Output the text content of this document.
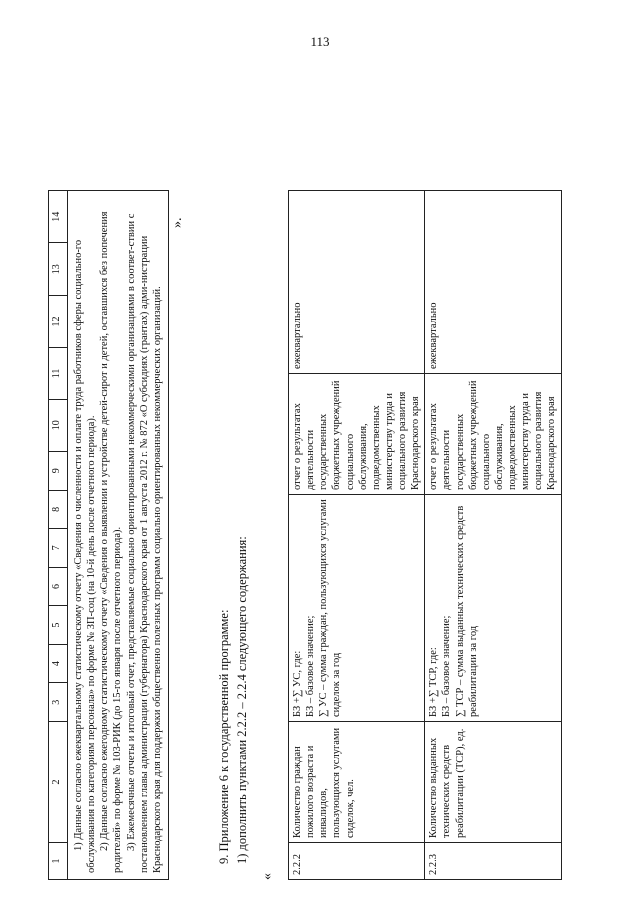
113
1	2	3	4	5	6	7	8	9	10	11	12	13	14

1) Данные согласно ежеквартальному статистическому отчету «Сведения о численности и оплате труда работников сферы социально-го обслуживания по категориям персонала» по форме № ЗП-соц (на 10-й день после отчетного периода). 2) Данные согласно ежегодному статистическому отчету «Сведения о выявлении и устройстве детей-сирот и детей, оставшихся без попечения родителей» по форме № 103-РИК (до 15-го января после отчетного периода). 3) Ежемесячные отчеты и итоговый отчет, представляемые социально ориентированными некоммерческими организациями в соответ-ствии с постановлением главы администрации (губернатора) Краснодарского края от 1 августа 2012 г. № 872 «О субсидиях (грантах) адми-нистрации Краснодарского края для поддержки общественно полезных программ социально ориентированных некоммерческих организаций.

».
9. Приложение 6 к государственной программе: 1) дополнить пунктами 2.2.2 – 2.2.4 следующего содержания:
«
2.2.2	Количество граждан пожилого возраста и инвалидов, пользующихся услугами сиделок, чел.	БЗ +∑ УС, где: БЗ – базовое значение; ∑ УС – сумма граждан, пользующихся услугами сиделок за год	отчет о результатах деятельности государственных бюджетных учреждений социального обслуживания, подведомственных министерству труда и социального развития Краснодарского края	ежеквартально
2.2.3	Количество выданных технических средств реабилитации (ТСР), ед.	БЗ +∑ ТСР, где: БЗ – базовое значение; ∑ ТСР – сумма выданных технических средств реабилитации за год	отчет о результатах деятельности государственных бюджетных учреждений социального обслуживания, подведомственных министерству труда и социального развития Краснодарского края	ежеквартально
